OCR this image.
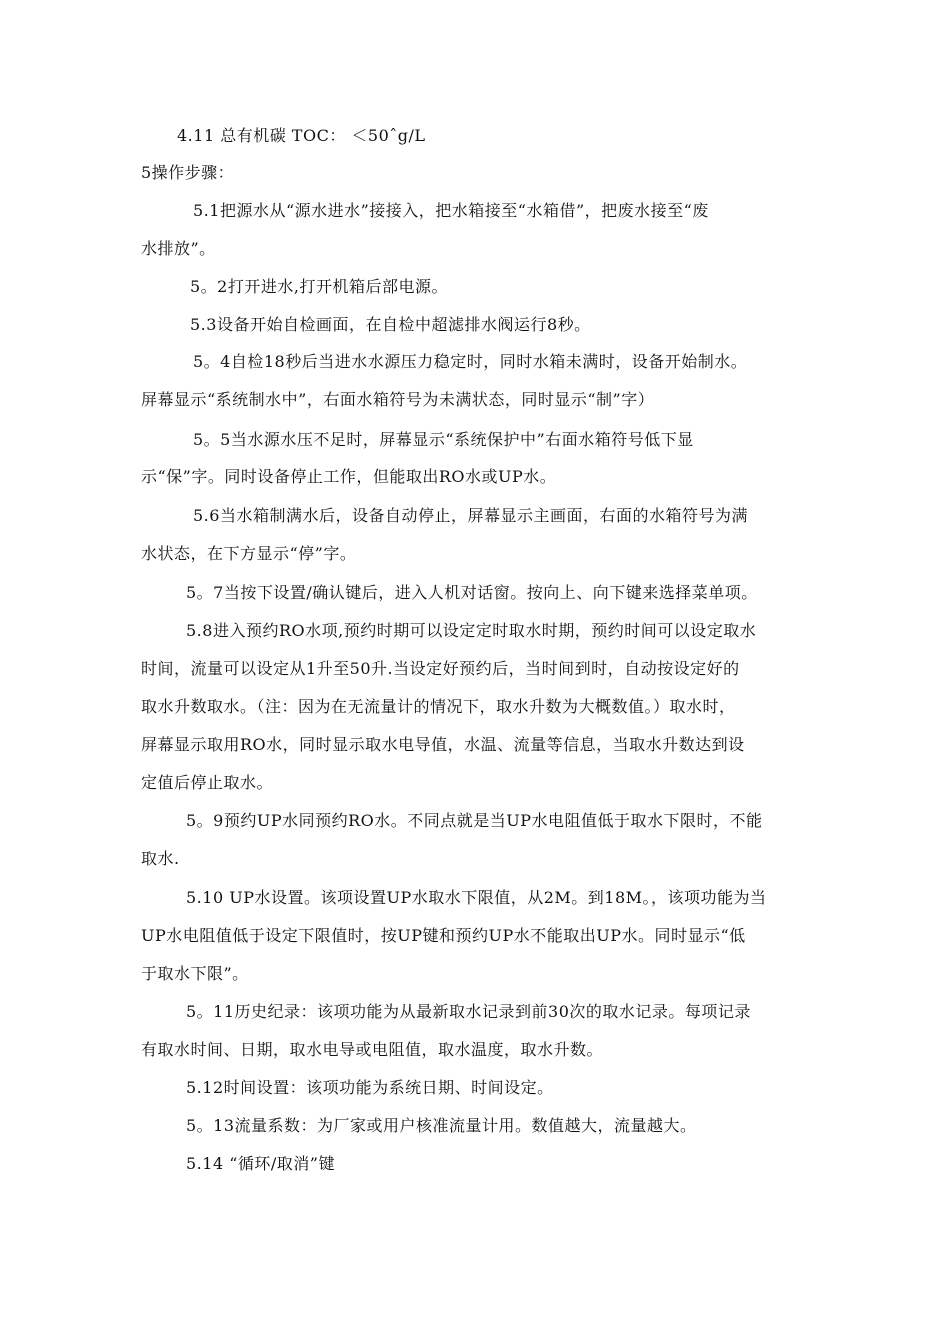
4.11 总有机碳 TOC： ＜50ˆg/L
5操作步骤：
5.1把源水从“源水进水”接接入，把水箱接至“水箱借”，把废水接至“废
水排放”。
5。2打开进水,打开机箱后部电源。
5.3设备开始自检画面，在自检中超滤排水阀运行8秒。
5。4自检18秒后当进水水源压力稳定时，同时水箱未满时，设备开始制水。
屏幕显示“系统制水中”，右面水箱符号为未满状态，同时显示“制”字）
5。5当水源水压不足时，屏幕显示“系统保护中”右面水箱符号低下显
示“保”字。同时设备停止工作，但能取出RO水或UP水。
5.6当水箱制满水后，设备自动停止，屏幕显示主画面，右面的水箱符号为满
水状态，在下方显示“停”字。
5。7当按下设置/确认键后，进入人机对话窗。按向上、向下键来选择菜单项。
5.8进入预约RO水项,预约时期可以设定定时取水时期，预约时间可以设定取水
时间，流量可以设定从1升至50升.当设定好预约后，当时间到时，自动按设定好的
取水升数取水。（注：因为在无流量计的情况下，取水升数为大概数值。）取水时，
屏幕显示取用RO水，同时显示取水电导值，水温、流量等信息，当取水升数达到设
定值后停止取水。
5。9预约UP水同预约RO水。不同点就是当UP水电阻值低于取水下限时，不能
取水.
5.10 UP水设置。该项设置UP水取水下限值，从2M。到18M。，该项功能为当
UP水电阻值低于设定下限值时，按UP键和预约UP水不能取出UP水。同时显示“低
于取水下限”。
5。11历史纪录：该项功能为从最新取水记录到前30次的取水记录。每项记录
有取水时间、日期，取水电导或电阻值，取水温度，取水升数。
5.12时间设置：该项功能为系统日期、时间设定。
5。13流量系数：为厂家或用户核准流量计用。数值越大，流量越大。
5.14 “循环/取消”键
